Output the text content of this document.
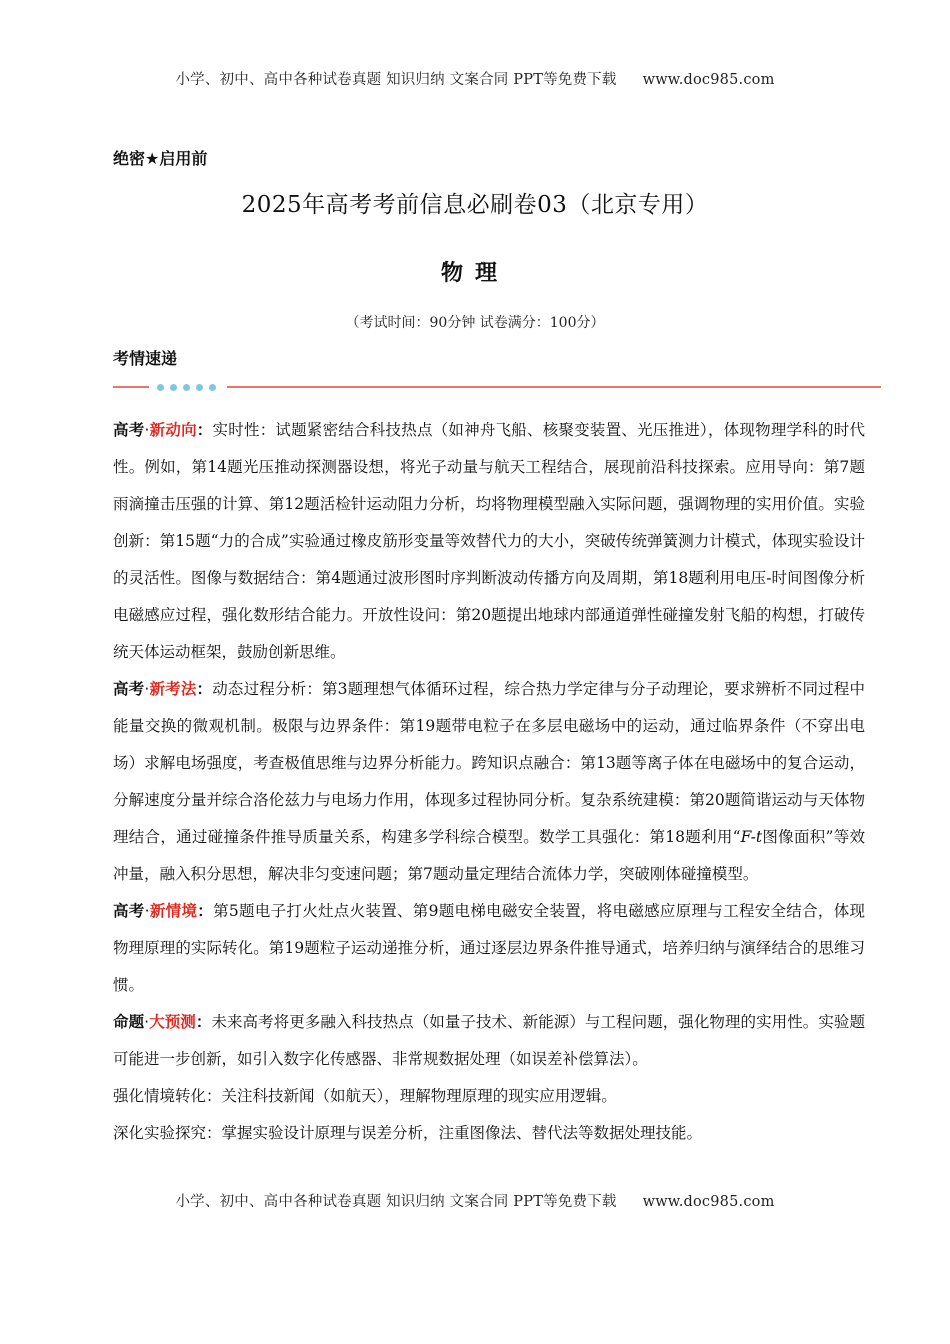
小学、初中、高中各种试卷真题 知识归纳 文案合同 PPT等免费下载 www.doc985.com
绝密★启用前
2025年高考考前信息必刷卷03（北京专用）
物理
（考试时间：90分钟 试卷满分：100分）
考情速递

高考·新动向：实时性：试题紧密结合科技热点（如神舟飞船、核聚变装置、光压推进），体现物理学科的时代性。例如，第14题光压推动探测器设想，将光子动量与航天工程结合，展现前沿科技探索。应用导向：第7题雨滴撞击压强的计算、第12题活检针运动阻力分析，均将物理模型融入实际问题，强调物理的实用价值。实验创新：第15题“力的合成”实验通过橡皮筋形变量等效替代力的大小，突破传统弹簧测力计模式，体现实验设计的灵活性。图像与数据结合：第4题通过波形图时序判断波动传播方向及周期，第18题利用电压-时间图像分析电磁感应过程，强化数形结合能力。开放性设问：第20题提出地球内部通道弹性碰撞发射飞船的构想，打破传统天体运动框架，鼓励创新思维。

高考·新考法：动态过程分析：第3题理想气体循环过程，综合热力学定律与分子动理论，要求辨析不同过程中能量交换的微观机制。极限与边界条件：第19题带电粒子在多层电磁场中的运动，通过临界条件（不穿出电场）求解电场强度，考查极值思维与边界分析能力。跨知识点融合：第13题等离子体在电磁场中的复合运动，分解速度分量并综合洛伦兹力与电场力作用，体现多过程协同分析。复杂系统建模：第20题简谐运动与天体物理结合，通过碰撞条件推导质量关系，构建多学科综合模型。数学工具强化：第18题利用“F-t图像面积”等效冲量，融入积分思想，解决非匀变速问题；第7题动量定理结合流体力学，突破刚体碰撞模型。

高考·新情境：第5题电子打火灶点火装置、第9题电梯电磁安全装置，将电磁感应原理与工程安全结合，体现物理原理的实际转化。第19题粒子运动递推分析，通过逐层边界条件推导通式，培养归纳与演绎结合的思维习惯。

命题·大预测：未来高考将更多融入科技热点（如量子技术、新能源）与工程问题，强化物理的实用性。实验题可能进一步创新，如引入数字化传感器、非常规数据处理（如误差补偿算法）。

强化情境转化：关注科技新闻（如航天），理解物理原理的现实应用逻辑。

深化实验探究：掌握实验设计原理与误差分析，注重图像法、替代法等数据处理技能。

小学、初中、高中各种试卷真题 知识归纳 文案合同 PPT等免费下载 www.doc985.com
